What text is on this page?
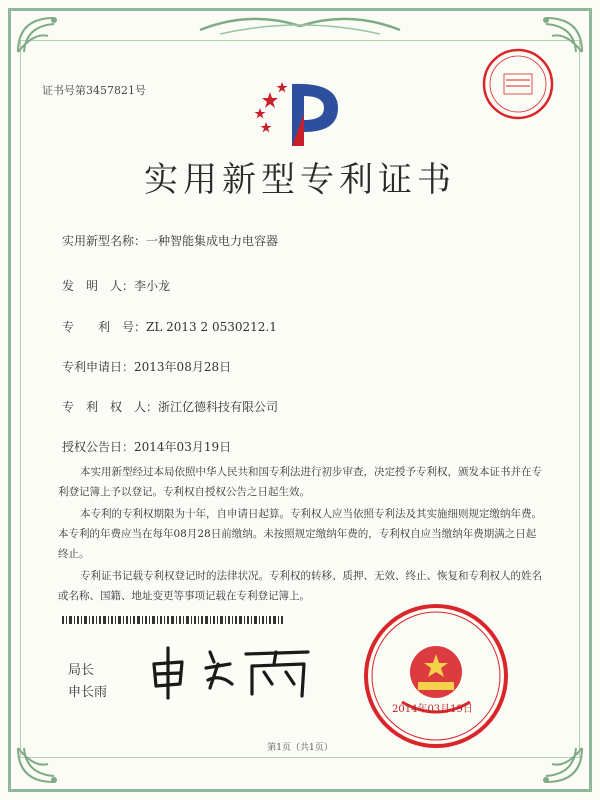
证书号第3457821号
实用新型专利证书
实用新型名称：一种智能集成电力电容器
发　明　人：李小龙
专　　利　号：ZL 2013 2 0530212.1
专利申请日：2013年08月28日
专　利　权　人：浙江亿德科技有限公司
授权公告日：2014年03月19日

本实用新型经过本局依照中华人民共和国专利法进行初步审查，决定授予专利权，颁发本证书并在专利登记簿上予以登记。专利权自授权公告之日起生效。

本专利的专利权期限为十年，自申请日起算。专利权人应当依照专利法及其实施细则规定缴纳年费。本专利的年费应当在每年08月28日前缴纳。未按照规定缴纳年费的，专利权自应当缴纳年费期满之日起终止。

专利证书记载专利权登记时的法律状况。专利权的转移、质押、无效、终止、恢复和专利权人的姓名或名称、国籍、地址变更等事项记载在专利登记簿上。

局长
申长雨
2014年03月19日
第1页（共1页）
